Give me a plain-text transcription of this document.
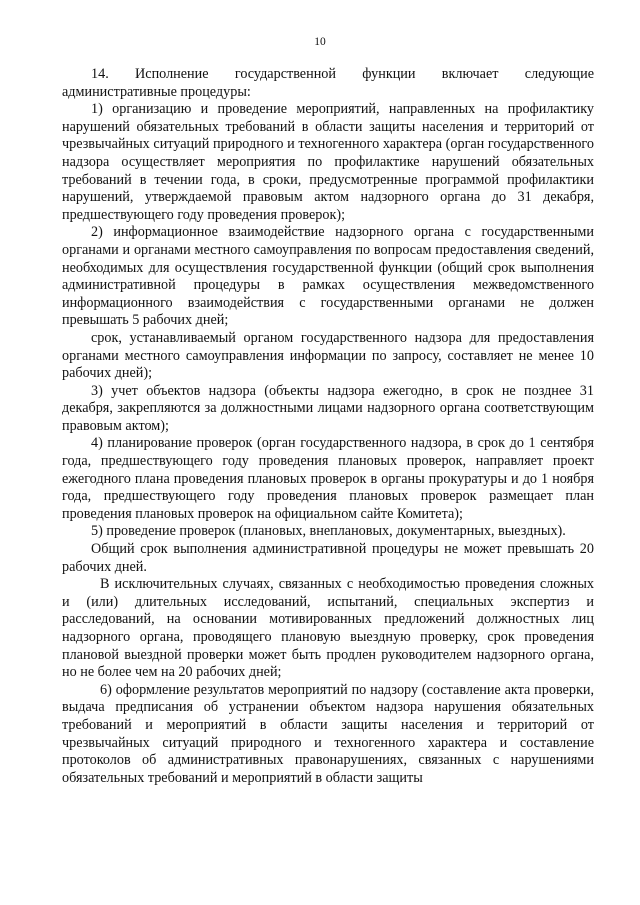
10

14. Исполнение государственной функции включает следующие административные процедуры:

1) организацию и проведение мероприятий, направленных на профилактику нарушений обязательных требований в области защиты населения и территорий от чрезвычайных ситуаций природного и техногенного характера (орган государственного надзора осуществляет мероприятия по профилактике нарушений обязательных требований в течении года, в сроки, предусмотренные программой профилактики нарушений, утверждаемой правовым актом надзорного органа до 31 декабря, предшествующего году проведения проверок);

2) информационное взаимодействие надзорного органа с государственными органами и органами местного самоуправления по вопросам предоставления сведений, необходимых для осуществления государственной функции (общий срок выполнения административной процедуры в рамках осуществления межведомственного информационного взаимодействия с государственными органами не должен превышать 5 рабочих дней;

срок, устанавливаемый органом государственного надзора для предоставления органами местного самоуправления информации по запросу, составляет не менее 10 рабочих дней);

3) учет объектов надзора (объекты надзора ежегодно, в срок не позднее 31 декабря, закрепляются за должностными лицами надзорного органа соответствующим правовым актом);

4) планирование проверок (орган государственного надзора, в срок до 1 сентября года, предшествующего году проведения плановых проверок, направляет проект ежегодного плана проведения плановых проверок в органы прокуратуры и до 1 ноября года, предшествующего году проведения плановых проверок размещает план проведения плановых проверок на официальном сайте Комитета);

5) проведение проверок (плановых, внеплановых, документарных, выездных).

Общий срок выполнения административной процедуры не может превышать 20 рабочих дней.

В исключительных случаях, связанных с необходимостью проведения сложных и (или) длительных исследований, испытаний, специальных экспертиз и расследований, на основании мотивированных предложений должностных лиц надзорного органа, проводящего плановую выездную проверку, срок проведения плановой выездной проверки может быть продлен руководителем надзорного органа, но не более чем на 20 рабочих дней;

6) оформление результатов мероприятий по надзору (составление акта проверки, выдача предписания об устранении объектом надзора нарушения обязательных требований и мероприятий в области защиты населения и территорий от чрезвычайных ситуаций природного и техногенного характера и составление протоколов об административных правонарушениях, связанных с нарушениями обязательных требований и мероприятий в области защиты
